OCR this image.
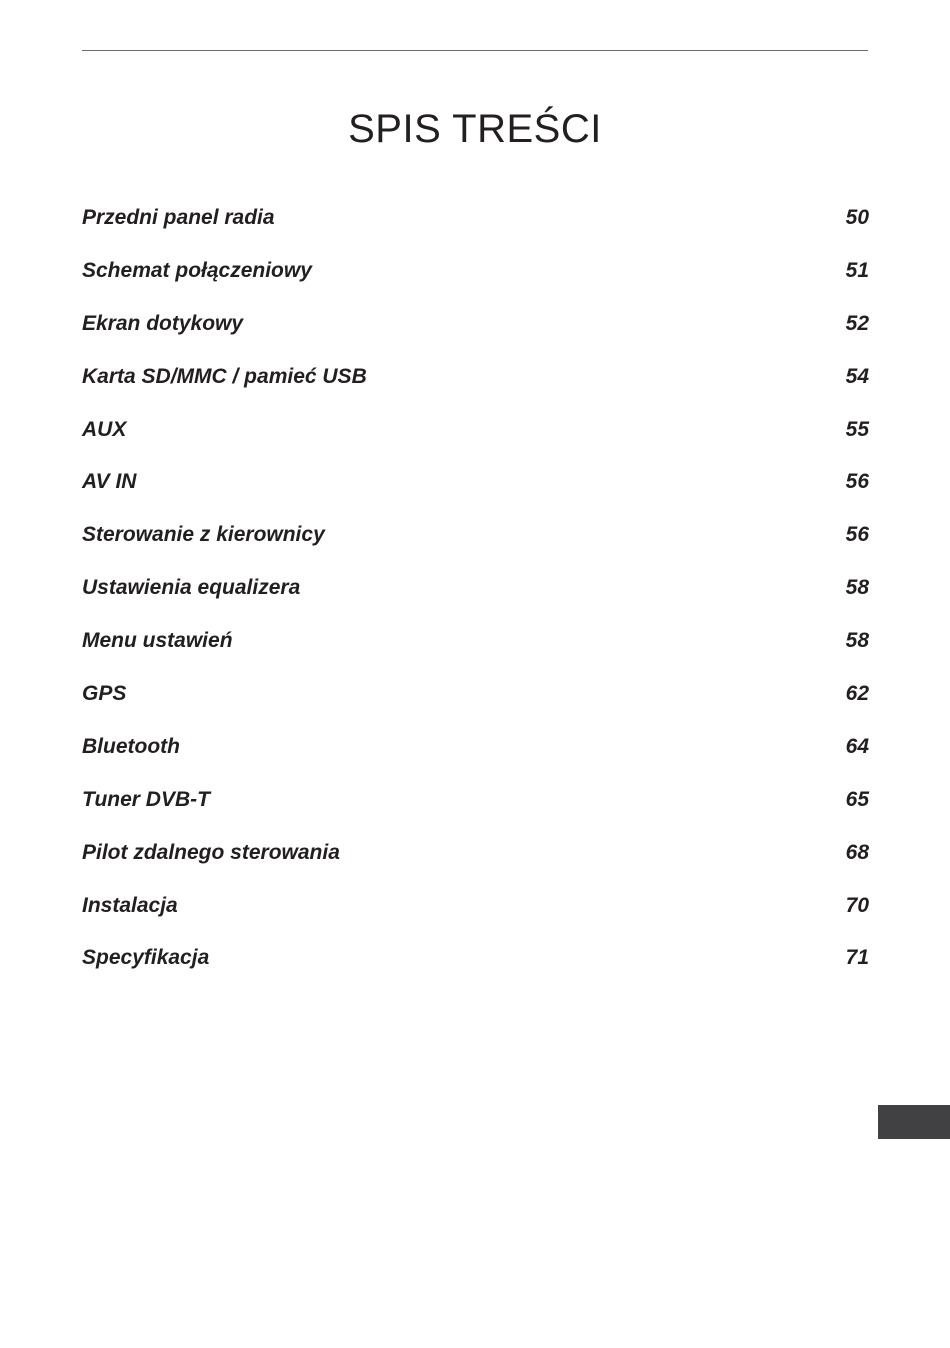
SPIS TREŚCI
Przedni panel radia	50
Schemat połączeniowy	51
Ekran dotykowy	52
Karta SD/MMC / pamieć USB	54
AUX	55
AV IN	56
Sterowanie z kierownicy	56
Ustawienia equalizera	58
Menu ustawień	58
GPS	62
Bluetooth	64
Tuner DVB-T	65
Pilot zdalnego sterowania	68
Instalacja	70
Specyfikacja	71
